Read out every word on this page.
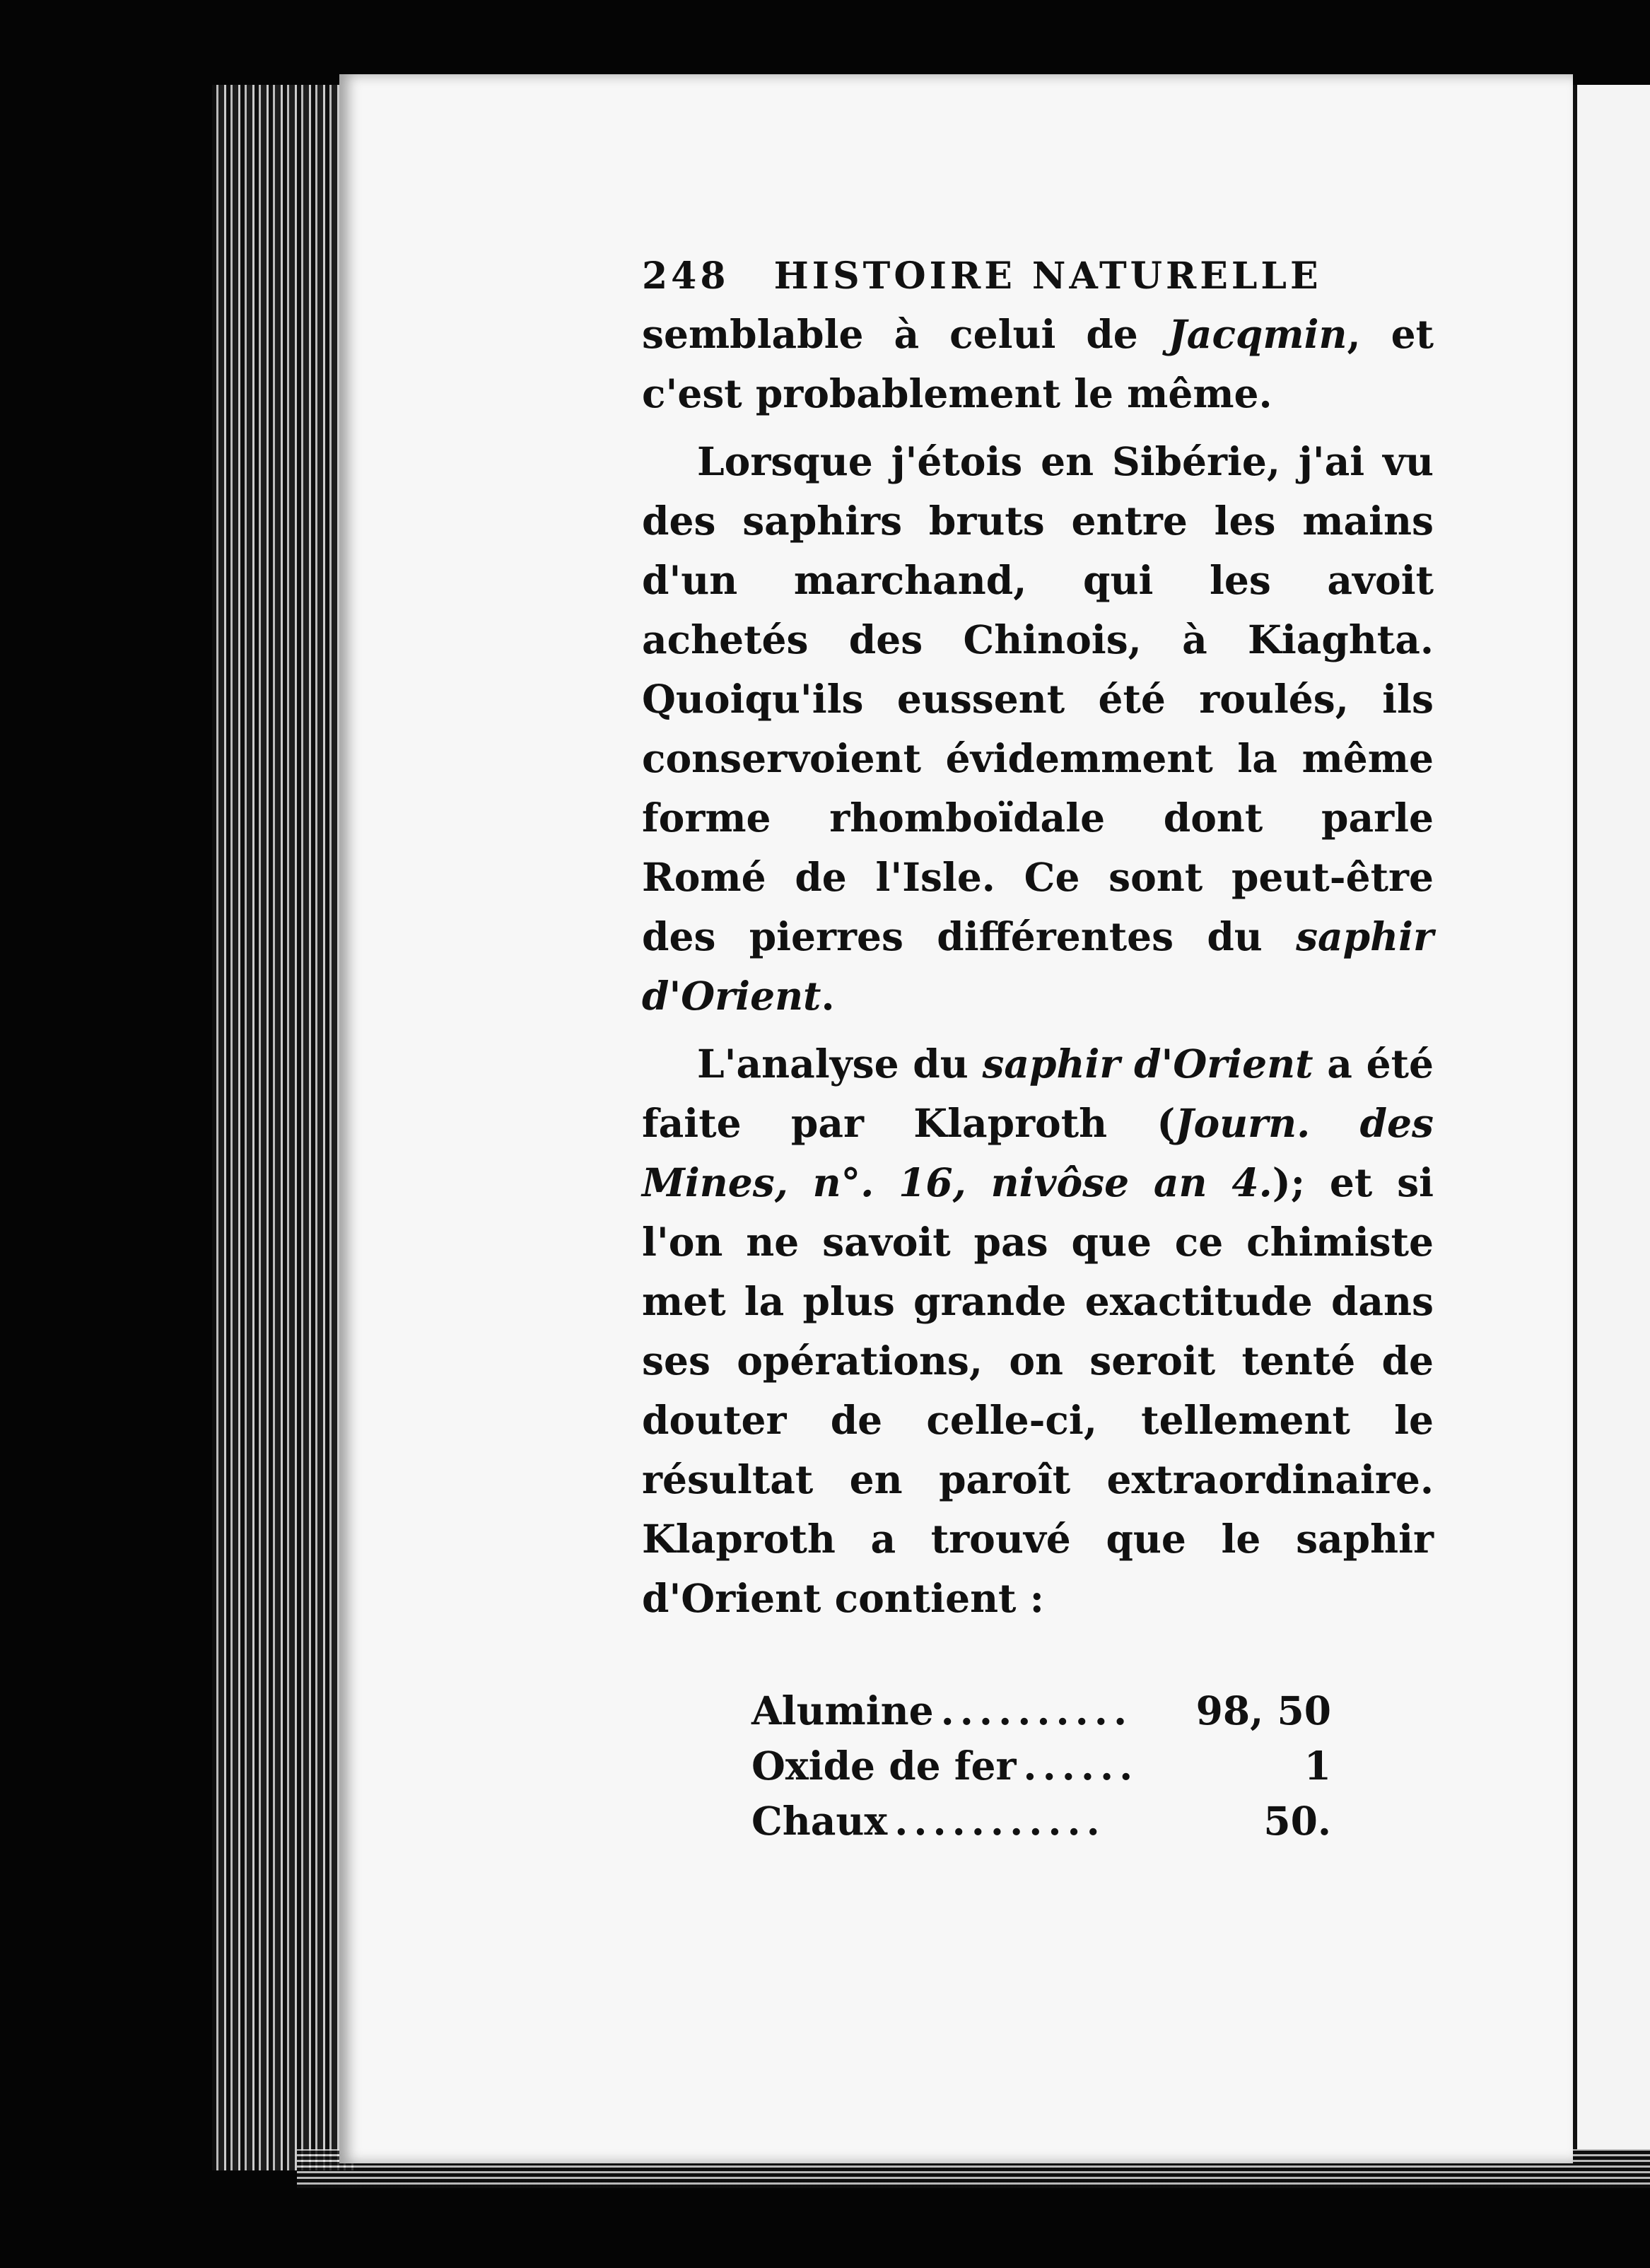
248 HISTOIRE NATURELLE

semblable à celui de Jacqmin, et c'est probablement le même.

Lorsque j'étois en Sibérie, j'ai vu des saphirs bruts entre les mains d'un marchand, qui les avoit achetés des Chinois, à Kiaghta. Quoiqu'ils eussent été roulés, ils conservoient évidemment la même forme rhomboïdale dont parle Romé de l'Isle. Ce sont peut-être des pierres différentes du saphir d'Orient.

L'analyse du saphir d'Orient a été faite par Klaproth (Journ. des Mines, n°. 16, nivôse an 4.); et si l'on ne savoit pas que ce chimiste met la plus grande exactitude dans ses opérations, on seroit tenté de douter de celle-ci, tellement le résultat en paroît extraordinaire. Klaproth a trouvé que le saphir d'Orient contient :

Alumine ..........	98, 50
Oxide de fer ......	1
Chaux ...........	50.
